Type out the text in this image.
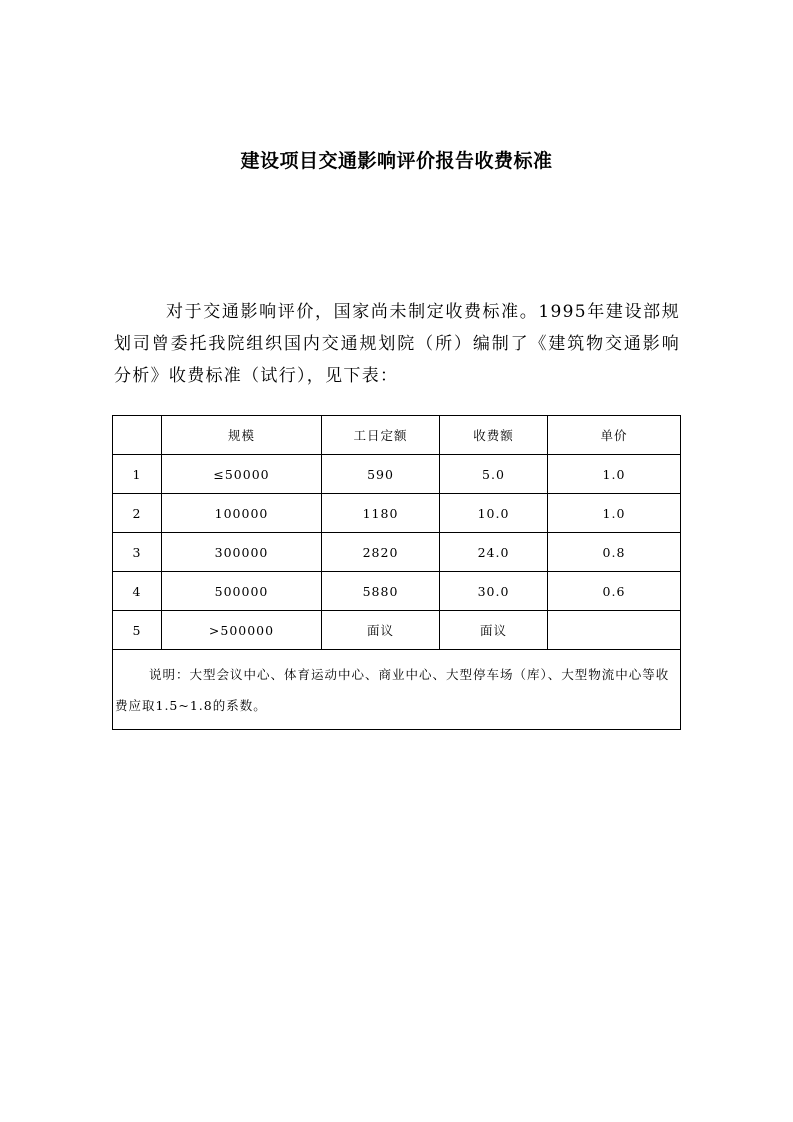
建设项目交通影响评价报告收费标准
对于交通影响评价，国家尚未制定收费标准。1995年建设部规划司曾委托我院组织国内交通规划院（所）编制了《建筑物交通影响分析》收费标准（试行），见下表：
	规模	工日定额	收费额	单价
1	≤50000	590	5.0	1.0
2	100000	1180	10.0	1.0
3	300000	2820	24.0	0.8
4	500000	5880	30.0	0.6
5	>500000	面议	面议	
说明：大型会议中心、体育运动中心、商业中心、大型停车场（库）、大型物流中心等收费应取1.5~1.8的系数。				
